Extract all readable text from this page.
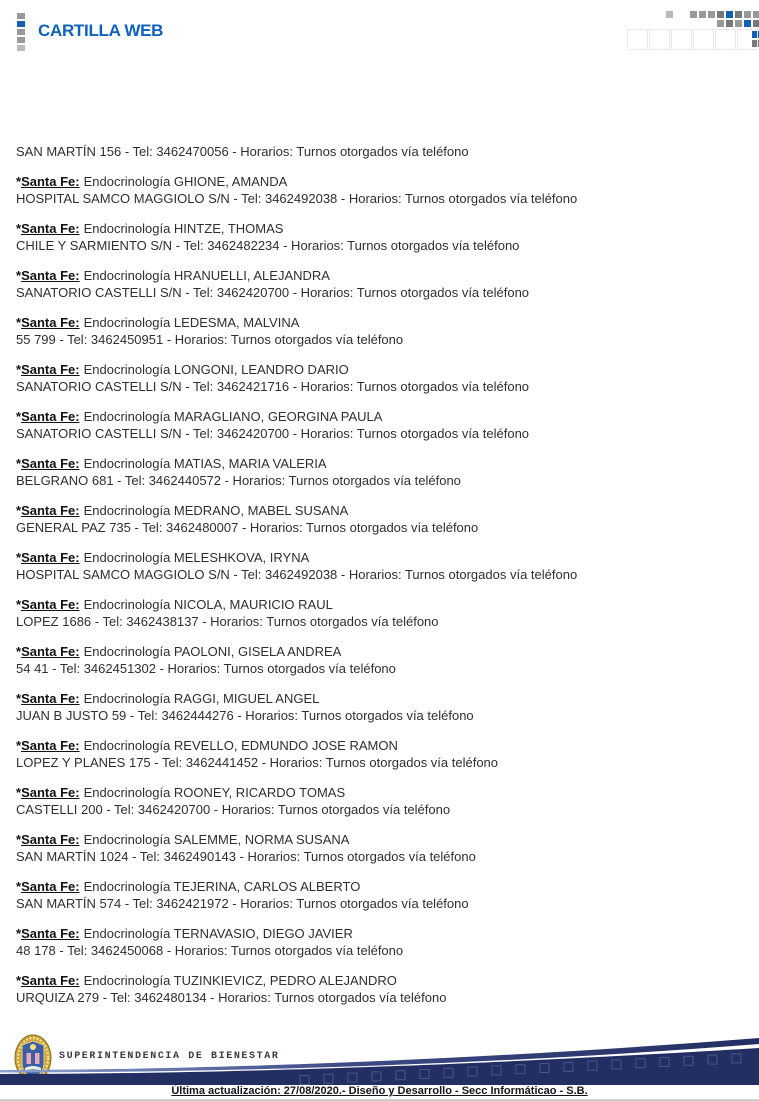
CARTILLA WEB

SAN MARTÍN 156 - Tel: 3462470056 - Horarios: Turnos otorgados vía teléfono

*Santa Fe: Endocrinología GHIONE, AMANDA

HOSPITAL SAMCO MAGGIOLO S/N - Tel: 3462492038 - Horarios: Turnos otorgados vía teléfono

*Santa Fe: Endocrinología HINTZE, THOMAS

CHILE Y SARMIENTO S/N - Tel: 3462482234 - Horarios: Turnos otorgados vía teléfono

*Santa Fe: Endocrinología HRANUELLI, ALEJANDRA

SANATORIO CASTELLI S/N - Tel: 3462420700 - Horarios: Turnos otorgados vía teléfono

*Santa Fe: Endocrinología LEDESMA, MALVINA

55 799 - Tel: 3462450951 - Horarios: Turnos otorgados vía teléfono

*Santa Fe: Endocrinología LONGONI, LEANDRO DARIO

SANATORIO CASTELLI S/N - Tel: 3462421716 - Horarios: Turnos otorgados vía teléfono

*Santa Fe: Endocrinología MARAGLIANO, GEORGINA PAULA

SANATORIO CASTELLI S/N - Tel: 3462420700 - Horarios: Turnos otorgados vía teléfono

*Santa Fe: Endocrinología MATIAS, MARIA VALERIA

BELGRANO 681 - Tel: 3462440572 - Horarios: Turnos otorgados vía teléfono

*Santa Fe: Endocrinología MEDRANO, MABEL SUSANA

GENERAL PAZ 735 - Tel: 3462480007 - Horarios: Turnos otorgados vía teléfono

*Santa Fe: Endocrinología MELESHKOVA, IRYNA

HOSPITAL SAMCO MAGGIOLO S/N - Tel: 3462492038 - Horarios: Turnos otorgados vía teléfono

*Santa Fe: Endocrinología NICOLA, MAURICIO RAUL

LOPEZ 1686 - Tel: 3462438137 - Horarios: Turnos otorgados vía teléfono

*Santa Fe: Endocrinología PAOLONI, GISELA ANDREA

54 41 - Tel: 3462451302 - Horarios: Turnos otorgados vía teléfono

*Santa Fe: Endocrinología RAGGI, MIGUEL ANGEL

JUAN B JUSTO 59 - Tel: 3462444276 - Horarios: Turnos otorgados vía teléfono

*Santa Fe: Endocrinología REVELLO, EDMUNDO JOSE RAMON

LOPEZ Y PLANES 175 - Tel: 3462441452 - Horarios: Turnos otorgados vía teléfono

*Santa Fe: Endocrinología ROONEY, RICARDO TOMAS

CASTELLI 200 - Tel: 3462420700 - Horarios: Turnos otorgados vía teléfono

*Santa Fe: Endocrinología SALEMME, NORMA SUSANA

SAN MARTÍN 1024 - Tel: 3462490143 - Horarios: Turnos otorgados vía teléfono

*Santa Fe: Endocrinología TEJERINA, CARLOS ALBERTO

SAN MARTÍN 574 - Tel: 3462421972 - Horarios: Turnos otorgados vía teléfono

*Santa Fe: Endocrinología TERNAVASIO, DIEGO JAVIER

48 178 - Tel: 3462450068 - Horarios: Turnos otorgados vía teléfono

*Santa Fe: Endocrinología TUZINKIEVICZ, PEDRO ALEJANDRO

URQUIZA 279 - Tel: 3462480134 - Horarios: Turnos otorgados vía teléfono

SUPERINTENDENCIA DE BIENESTAR
Última actualización: 27/08/2020.- Diseño y Desarrollo - Secc Informáticao - S.B.
